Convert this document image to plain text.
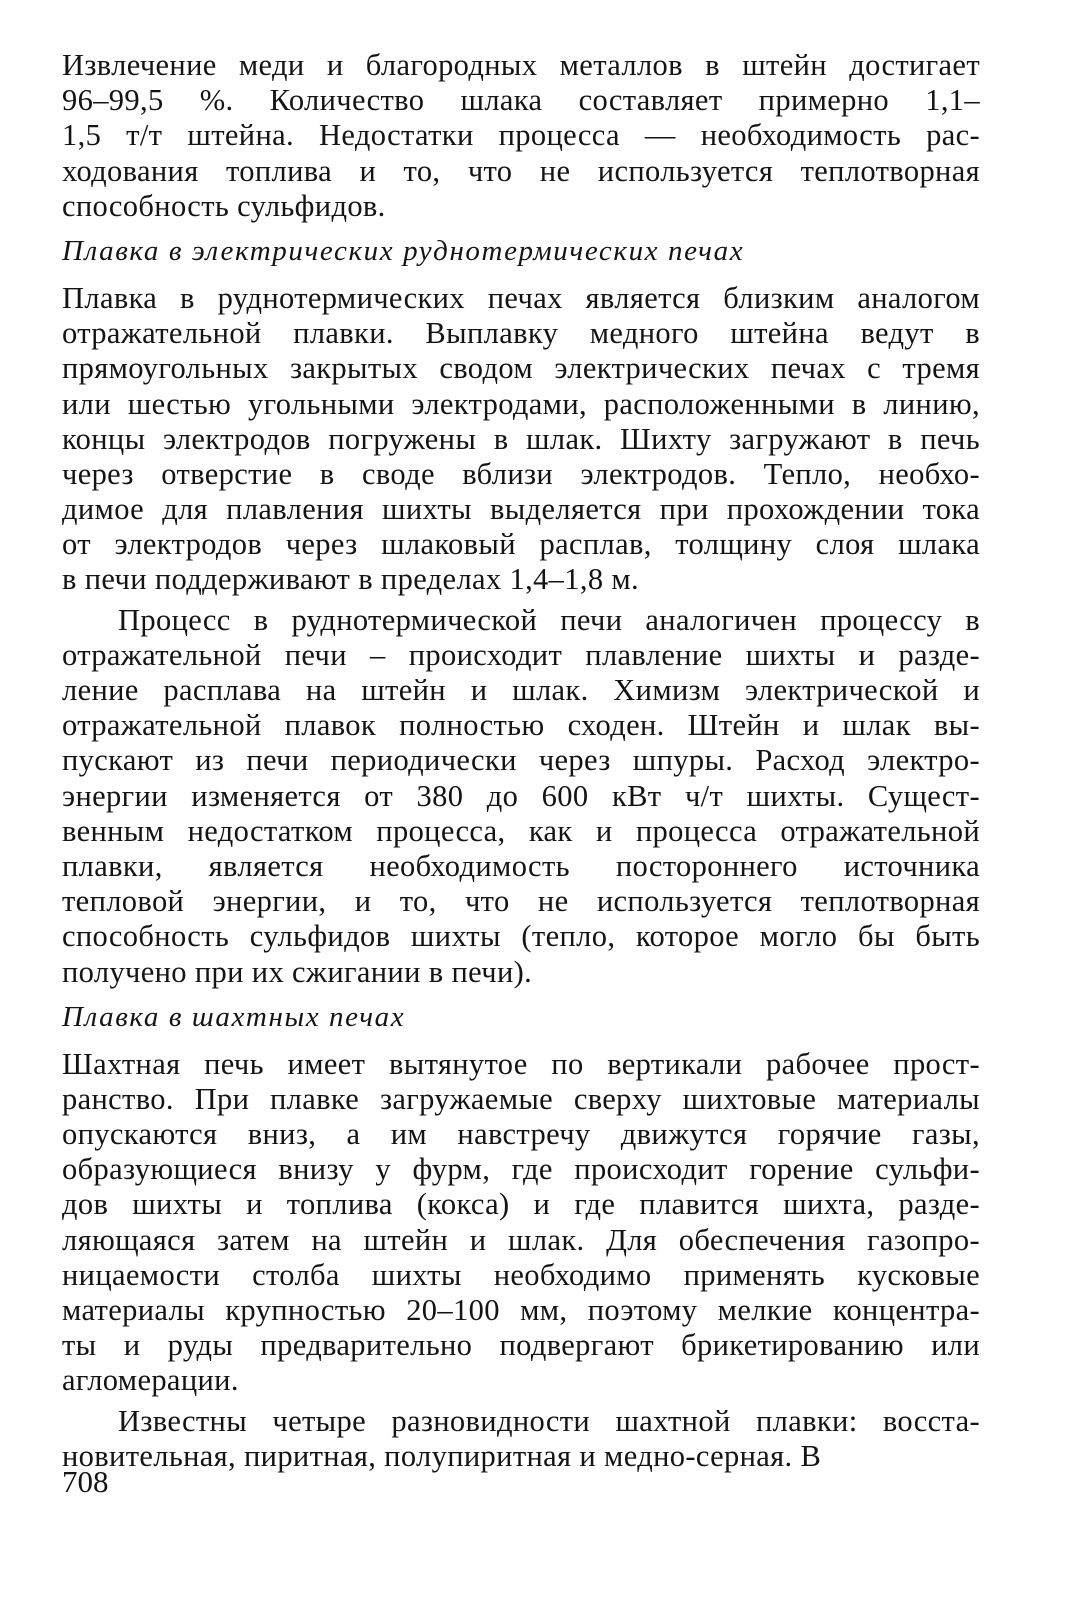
Извлечение меди и благородных металлов в штейн достигает
96–99,5 %. Количество шлака составляет примерно 1,1–
1,5 т/т штейна. Недостатки процесса — необходимость рас-
ходования топлива и то, что не используется теплотворная
способность сульфидов.
Плавка в электрических руднотермических печах
Плавка в руднотермических печах является близким аналогом
отражательной плавки. Выплавку медного штейна ведут в
прямоугольных закрытых сводом электрических печах с тремя
или шестью угольными электродами, расположенными в линию,
концы электродов погружены в шлак. Шихту загружают в печь
через отверстие в своде вблизи электродов. Тепло, необхо-
димое для плавления шихты выделяется при прохождении тока
от электродов через шлаковый расплав, толщину слоя шлака
в печи поддерживают в пределах 1,4–1,8 м.
Процесс в руднотермической печи аналогичен процессу в
отражательной печи – происходит плавление шихты и разде-
ление расплава на штейн и шлак. Химизм электрической и
отражательной плавок полностью сходен. Штейн и шлак вы-
пускают из печи периодически через шпуры. Расход электро-
энергии изменяется от 380 до 600 кВт ч/т шихты. Сущест-
венным недостатком процесса, как и процесса отражательной
плавки, является необходимость постороннего источника
тепловой энергии, и то, что не используется теплотворная
способность сульфидов шихты (тепло, которое могло бы быть
получено при их сжигании в печи).
Плавка в шахтных печах
Шахтная печь имеет вытянутое по вертикали рабочее прост-
ранство. При плавке загружаемые сверху шихтовые материалы
опускаются вниз, а им навстречу движутся горячие газы,
образующиеся внизу у фурм, где происходит горение сульфи-
дов шихты и топлива (кокса) и где плавится шихта, разде-
ляющаяся затем на штейн и шлак. Для обеспечения газопро-
ницаемости столба шихты необходимо применять кусковые
материалы крупностью 20–100 мм, поэтому мелкие концентра-
ты и руды предварительно подвергают брикетированию или
агломерации.
Известны четыре разновидности шахтной плавки: восста-
новительная, пиритная, полупиритная и медно-серная. В
708
